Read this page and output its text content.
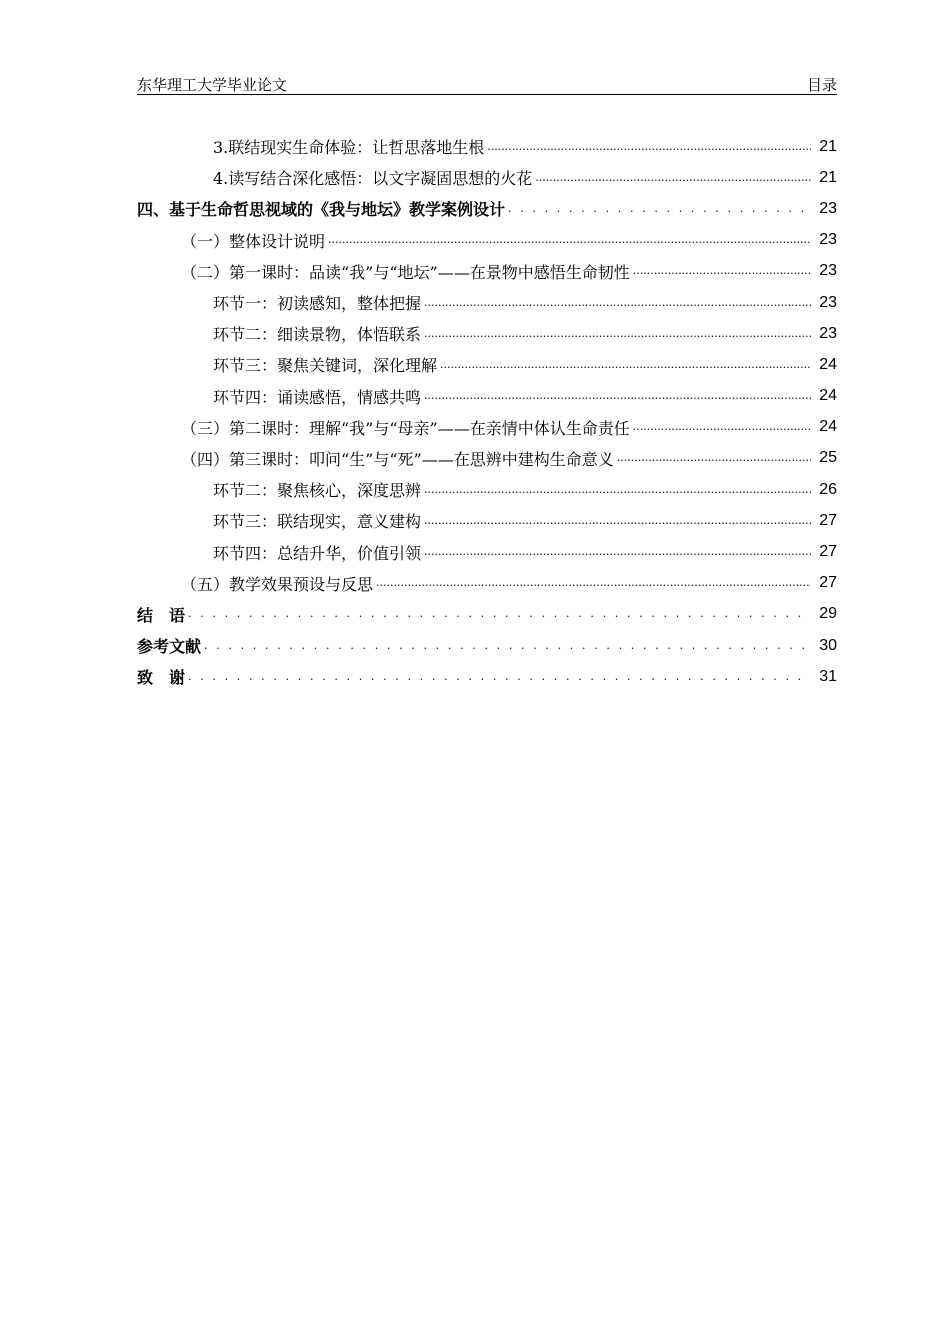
东华理工大学毕业论文	目录
3.联结现实生命体验：让哲思落地生根 .....	21
4.读写结合深化感悟：以文字凝固思想的火花 .....	21
四、基于生命哲思视域的《我与地坛》教学案例设计 . . .	23
（一）整体设计说明 .....	23
（二）第一课时：品读“我”与“地坛”——在景物中感悟生命韧性 .....	23
环节一：初读感知，整体把握 .....	23
环节二：细读景物，体悟联系 .....	23
环节三：聚焦关键词，深化理解 .....	24
环节四：诵读感悟，情感共鸣 .....	24
（三）第二课时：理解“我”与“母亲”——在亲情中体认生命责任 .....	24
（四）第三课时：叩问“生”与“死”——在思辨中建构生命意义 .....	25
环节二：聚焦核心，深度思辨 .....	26
环节三：联结现实，意义建构 .....	27
环节四：总结升华，价值引领 .....	27
（五）教学效果预设与反思 .....	27
结　语 . . .	29
参考文献 . . .	30
致　谢 . . .	31
